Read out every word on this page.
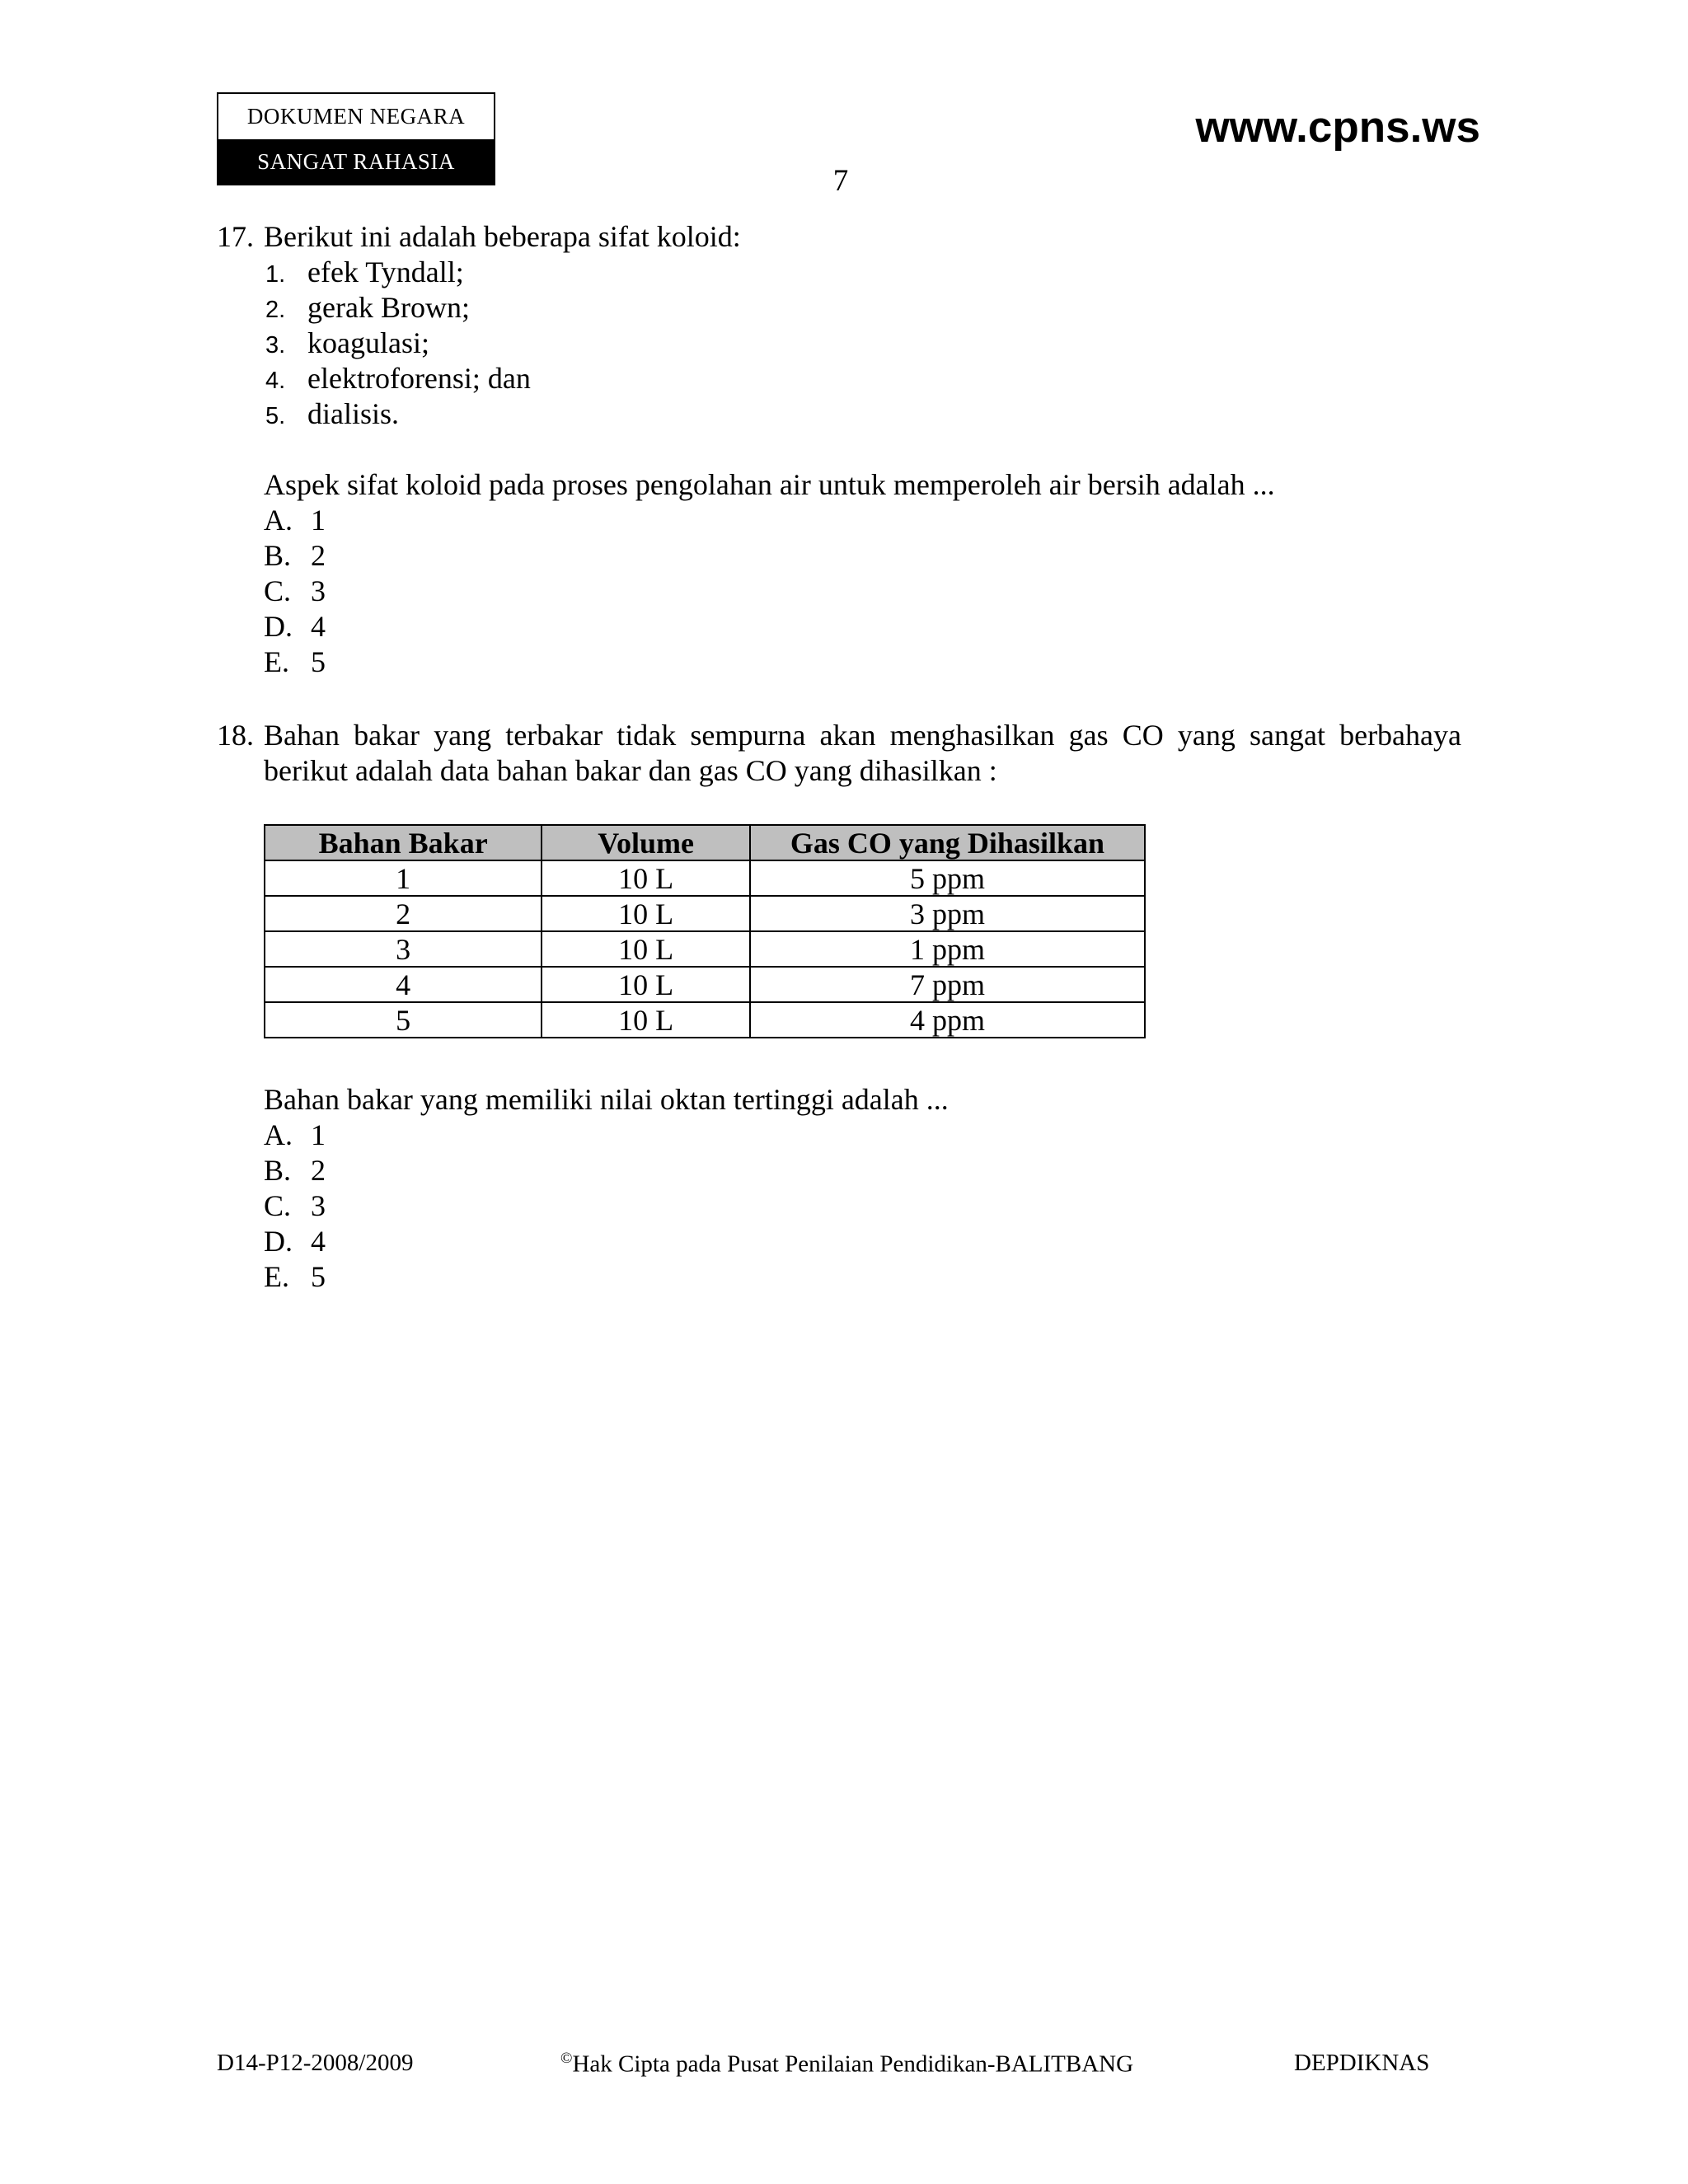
DOKUMEN NEGARA
SANGAT RAHASIA
www.cpns.ws
7
17. Berikut ini adalah beberapa sifat koloid:
1. efek Tyndall;
2. gerak Brown;
3. koagulasi;
4. elektroforensi; dan
5. dialisis.
Aspek sifat koloid pada proses pengolahan air untuk memperoleh air bersih adalah ...
A. 1
B. 2
C. 3
D. 4
E. 5
18. Bahan bakar yang terbakar tidak sempurna akan menghasilkan gas CO yang sangat berbahaya
berikut adalah data bahan bakar dan gas CO yang dihasilkan :
Bahan Bakar	Volume	Gas CO yang Dihasilkan
1	10 L	5 ppm
2	10 L	3 ppm
3	10 L	1 ppm
4	10 L	7 ppm
5	10 L	4 ppm
Bahan bakar yang memiliki nilai oktan tertinggi adalah ...
A. 1
B. 2
C. 3
D. 4
E. 5
D14-P12-2008/2009	©Hak Cipta pada Pusat Penilaian Pendidikan-BALITBANG	DEPDIKNAS
